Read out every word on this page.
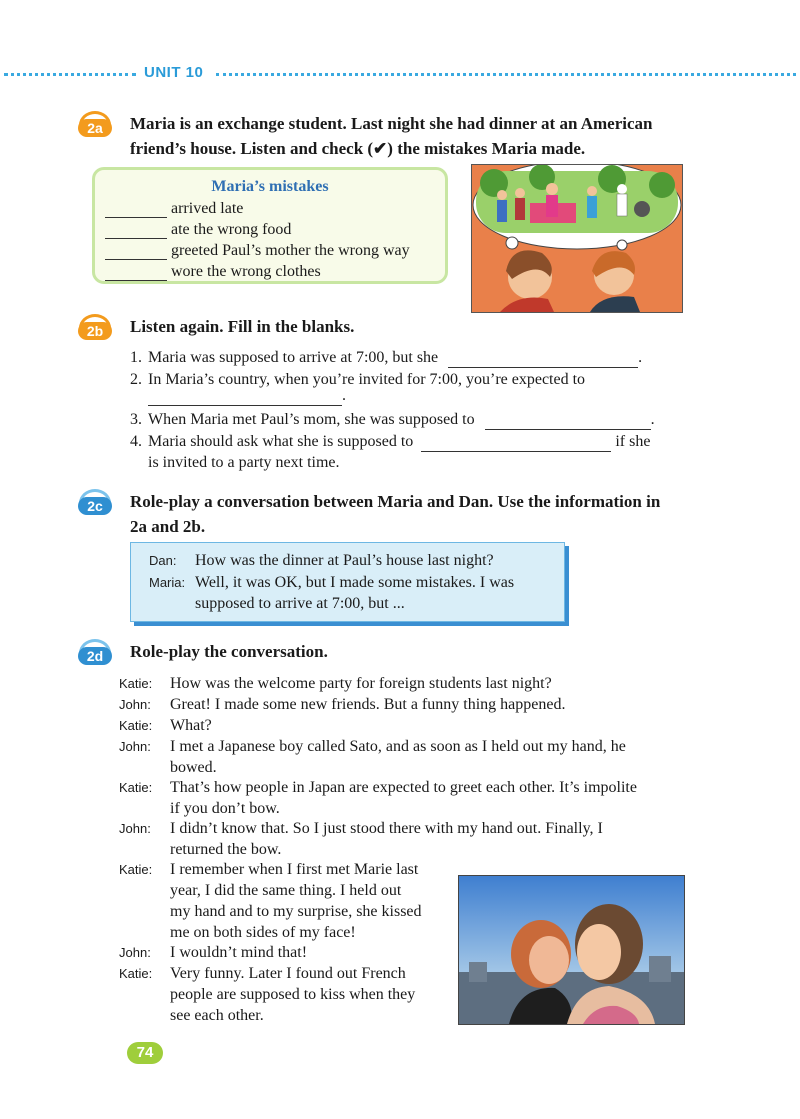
UNIT 10
2a	Maria is an exchange student. Last night she had dinner at an American
friend’s house. Listen and check (✔) the mistakes Maria made.
Maria’s mistakes
arrived late
ate the wrong food
greeted Paul’s mother the wrong way
wore the wrong clothes
2b	Listen again. Fill in the blanks.
1. Maria was supposed to arrive at 7:00, but she	.
2. In Maria’s country, when you’re invited for 7:00, you’re expected to
.
3. When Maria met Paul’s mom, she was supposed to	.
4. Maria should ask what she is supposed to	if she
is invited to a party next time.
2c	Role-play a conversation between Maria and Dan. Use the information in
2a and 2b.
Dan: How was the dinner at Paul’s house last night?
Maria: Well, it was OK, but I made some mistakes. I was
supposed to arrive at 7:00, but ...
2d	Role-play the conversation.
Katie: How was the welcome party for foreign students last night?
John: Great! I made some new friends. But a funny thing happened.
Katie: What?
John: I met a Japanese boy called Sato, and as soon as I held out my hand, he
bowed.
Katie: That’s how people in Japan are expected to greet each other. It’s impolite
if you don’t bow.
John: I didn’t know that. So I just stood there with my hand out. Finally, I
returned the bow.
Katie: I remember when I first met Marie last
year, I did the same thing. I held out
my hand and to my surprise, she kissed
me on both sides of my face!
John: I wouldn’t mind that!
Katie: Very funny. Later I found out French
people are supposed to kiss when they
see each other.
74
